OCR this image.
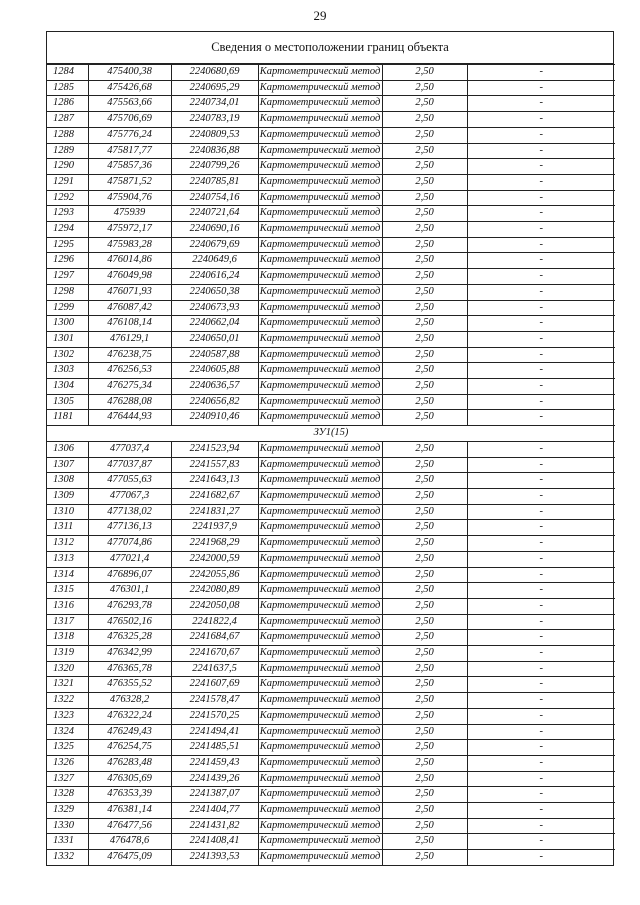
29
Сведения о местоположении границ объекта
1284	475400,38	2240680,69	Картометрический метод	2,50	-
1285	475426,68	2240695,29	Картометрический метод	2,50	-
1286	475563,66	2240734,01	Картометрический метод	2,50	-
1287	475706,69	2240783,19	Картометрический метод	2,50	-
1288	475776,24	2240809,53	Картометрический метод	2,50	-
1289	475817,77	2240836,88	Картометрический метод	2,50	-
1290	475857,36	2240799,26	Картометрический метод	2,50	-
1291	475871,52	2240785,81	Картометрический метод	2,50	-
1292	475904,76	2240754,16	Картометрический метод	2,50	-
1293	475939	2240721,64	Картометрический метод	2,50	-
1294	475972,17	2240690,16	Картометрический метод	2,50	-
1295	475983,28	2240679,69	Картометрический метод	2,50	-
1296	476014,86	2240649,6	Картометрический метод	2,50	-
1297	476049,98	2240616,24	Картометрический метод	2,50	-
1298	476071,93	2240650,38	Картометрический метод	2,50	-
1299	476087,42	2240673,93	Картометрический метод	2,50	-
1300	476108,14	2240662,04	Картометрический метод	2,50	-
1301	476129,1	2240650,01	Картометрический метод	2,50	-
1302	476238,75	2240587,88	Картометрический метод	2,50	-
1303	476256,53	2240605,88	Картометрический метод	2,50	-
1304	476275,34	2240636,57	Картометрический метод	2,50	-
1305	476288,08	2240656,82	Картометрический метод	2,50	-
1181	476444,93	2240910,46	Картометрический метод	2,50	-
ЗУ1(15)					
1306	477037,4	2241523,94	Картометрический метод	2,50	-
1307	477037,87	2241557,83	Картометрический метод	2,50	-
1308	477055,63	2241643,13	Картометрический метод	2,50	-
1309	477067,3	2241682,67	Картометрический метод	2,50	-
1310	477138,02	2241831,27	Картометрический метод	2,50	-
1311	477136,13	2241937,9	Картометрический метод	2,50	-
1312	477074,86	2241968,29	Картометрический метод	2,50	-
1313	477021,4	2242000,59	Картометрический метод	2,50	-
1314	476896,07	2242055,86	Картометрический метод	2,50	-
1315	476301,1	2242080,89	Картометрический метод	2,50	-
1316	476293,78	2242050,08	Картометрический метод	2,50	-
1317	476502,16	2241822,4	Картометрический метод	2,50	-
1318	476325,28	2241684,67	Картометрический метод	2,50	-
1319	476342,99	2241670,67	Картометрический метод	2,50	-
1320	476365,78	2241637,5	Картометрический метод	2,50	-
1321	476355,52	2241607,69	Картометрический метод	2,50	-
1322	476328,2	2241578,47	Картометрический метод	2,50	-
1323	476322,24	2241570,25	Картометрический метод	2,50	-
1324	476249,43	2241494,41	Картометрический метод	2,50	-
1325	476254,75	2241485,51	Картометрический метод	2,50	-
1326	476283,48	2241459,43	Картометрический метод	2,50	-
1327	476305,69	2241439,26	Картометрический метод	2,50	-
1328	476353,39	2241387,07	Картометрический метод	2,50	-
1329	476381,14	2241404,77	Картометрический метод	2,50	-
1330	476477,56	2241431,82	Картометрический метод	2,50	-
1331	476478,6	2241408,41	Картометрический метод	2,50	-
1332	476475,09	2241393,53	Картометрический метод	2,50	-
